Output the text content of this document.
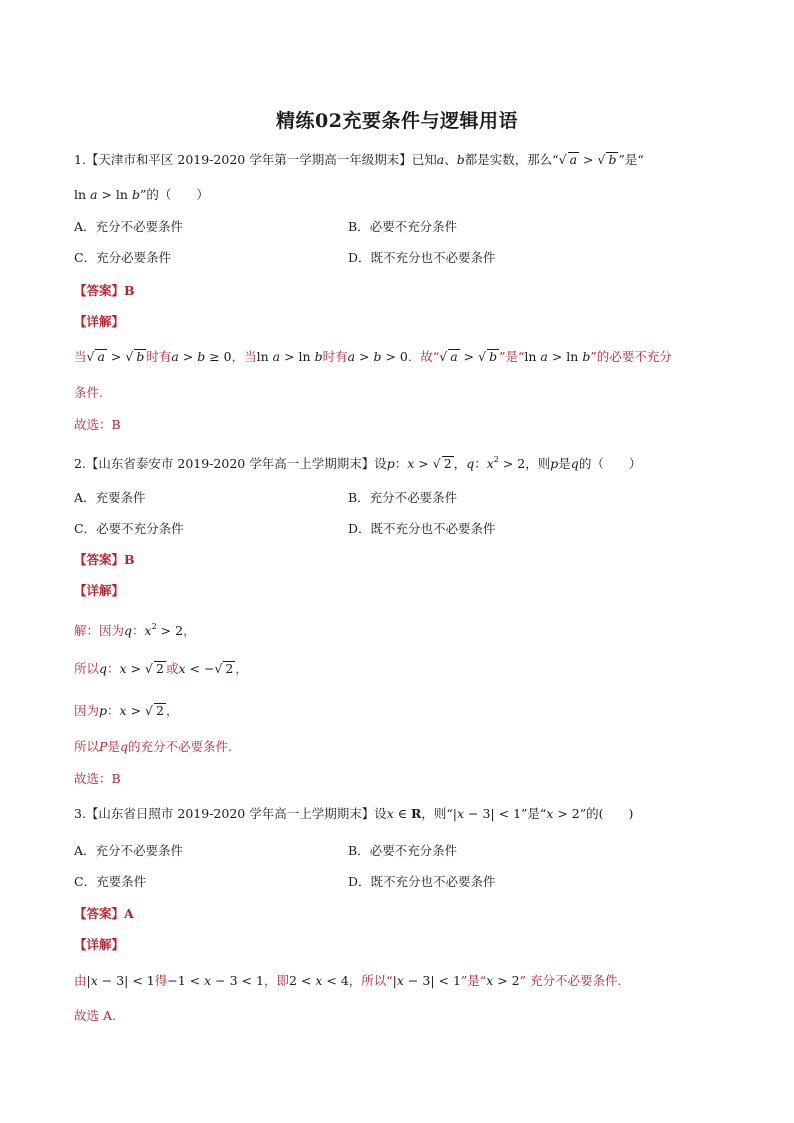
精练02充要条件与逻辑用语
1.【天津市和平区 2019-2020 学年第一学期高一年级期末】已知a、b都是实数，那么“√ a > √ b ”是“
ln a > ln b”的（　　）
A．充分不必要条件	B．必要不充分条件
C．充分必要条件	D．既不充分也不必要条件
【答案】B
【详解】
当√ a > √ b 时有a > b ≥ 0，当ln a > ln b时有a > b > 0．故“√ a > √ b ”是“ln a > ln b”的必要不充分
条件.
故选：B
2.【山东省泰安市 2019-2020 学年高一上学期期末】设p：x > √ 2 ，q：$x^2 > 2$，则p是q的（　　）
A．充要条件	B．充分不必要条件
C．必要不充分条件	D．既不充分也不必要条件
【答案】B
【详解】
解：因为q：$x^2 > 2$，
所以q：x > √ 2 或x < −√ 2 ，
因为p：x > √ 2 ，
所以P是q的充分不必要条件.
故选：B
3.【山东省日照市 2019-2020 学年高一上学期期末】设x ∈ R，则“|x − 3| < 1”是“x > 2”的(　　)
A．充分不必要条件	B．必要不充分条件
C．充要条件	D．既不充分也不必要条件
【答案】A
【详解】
由|x − 3| < 1得−1 < x − 3 < 1，即2 < x < 4，所以“|x − 3| < 1”是“x > 2” 充分不必要条件.
故选 A.
